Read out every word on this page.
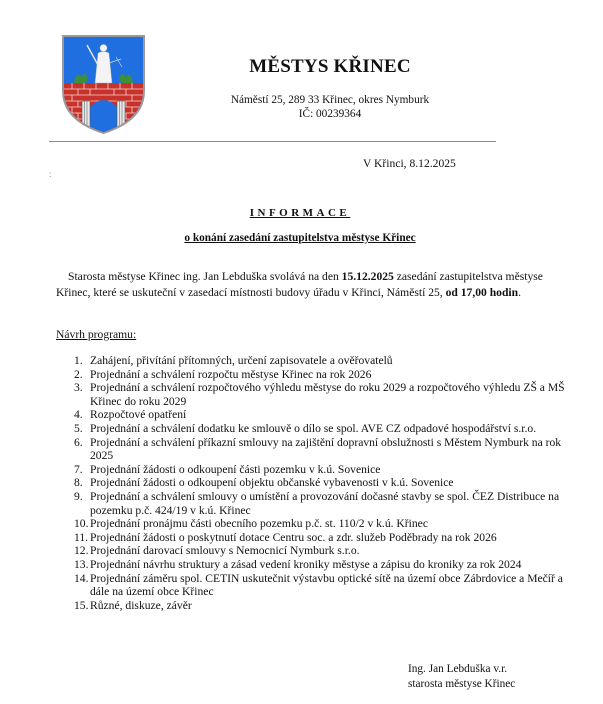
MĚSTYS KŘINEC
Náměstí 25, 289 33 Křinec, okres Nymburk
IČ: 00239364
V Křinci, 8.12.2025
:
INFORMACE
o konání zasedání zastupitelstva městyse Křinec
Starosta městyse Křinec ing. Jan Lebduška svolává na den 15.12.2025 zasedání zastupitelstva městyse Křinec, které se uskuteční v zasedací místnosti budovy úřadu v Křinci, Náměstí 25, od 17,00 hodin.
Návrh programu:
1. Zahájení, přivítání přítomných, určení zapisovatele a ověřovatelů
2. Projednání a schválení rozpočtu městyse Křinec na rok 2026
3. Projednání a schválení rozpočtového výhledu městyse do roku 2029 a rozpočtového výhledu ZŠ a MŠ Křinec do roku 2029
4. Rozpočtové opatření
5. Projednání a schválení dodatku ke smlouvě o dílo se spol. AVE CZ odpadové hospodářství s.r.o.
6. Projednání a schválení příkazní smlouvy na zajištění dopravní obslužnosti s Městem Nymburk na rok 2025
7. Projednání žádosti o odkoupení části pozemku v k.ú. Sovenice
8. Projednání žádosti o odkoupení objektu občanské vybavenosti v k.ú. Sovenice
9. Projednání a schválení smlouvy o umístění a provozování dočasné stavby se spol. ČEZ Distribuce na pozemku p.č. 424/19 v k.ú. Křinec
10. Projednání pronájmu části obecního pozemku p.č. st. 110/2 v k.ú. Křinec
11. Projednání žádosti o poskytnutí dotace Centru soc. a zdr. služeb Poděbrady na rok 2026
12. Projednání darovací smlouvy s Nemocnicí Nymburk s.r.o.
13. Projednání návrhu struktury a zásad vedení kroniky městyse a zápisu do kroniky za rok 2024
14. Projednání záměru spol. CETIN uskutečnit výstavbu optické sítě na území obce Zábrdovice a Mečíř a dále na území obce Křinec
15. Různé, diskuze, závěr
Ing. Jan Lebduška v.r.
starosta městyse Křinec
